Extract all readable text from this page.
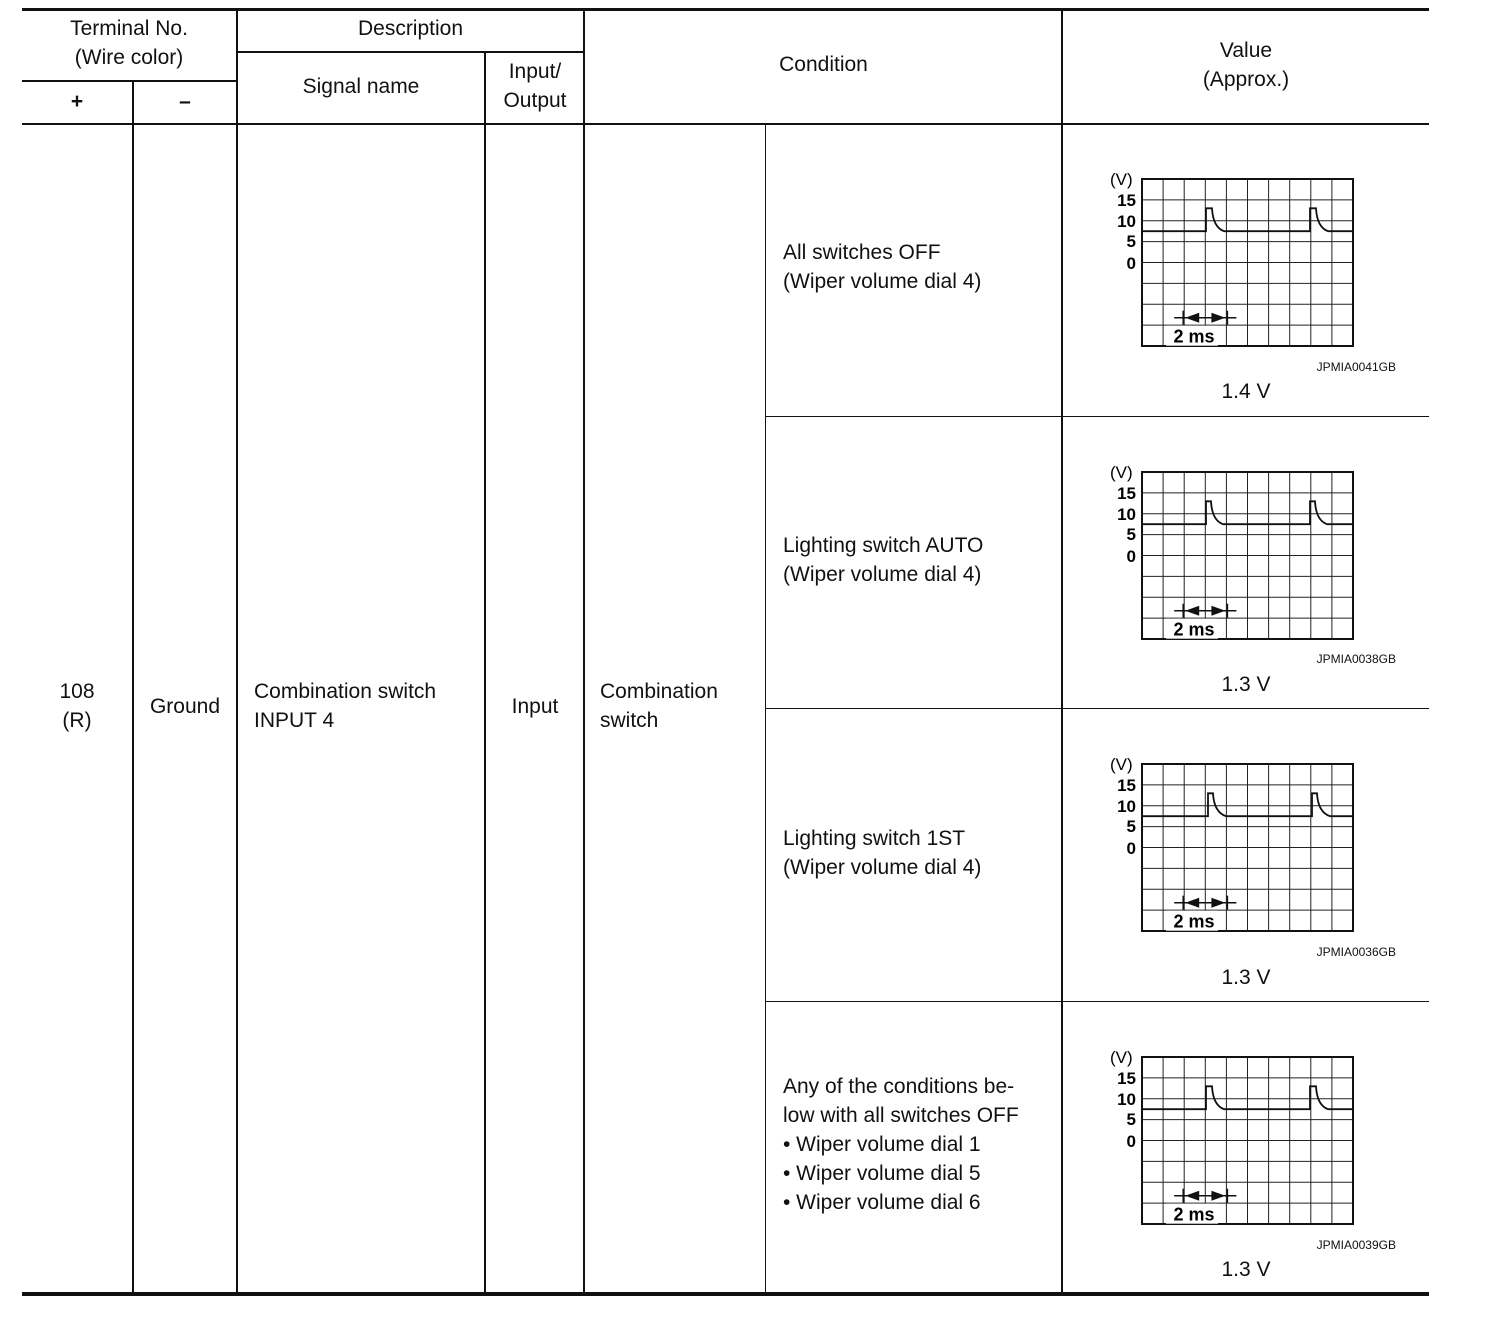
Terminal No.
(Wire color)
+	–
Description
Signal name
Input/
Output
Condition
Value
(Approx.)
108
(R)
Ground
Combination switch
INPUT 4
Input
Combination
switch
All switches OFF
(Wiper volume dial 4)
Lighting switch AUTO
(Wiper volume dial 4)
Lighting switch 1ST
(Wiper volume dial 4)
Any of the conditions be-
low with all switches OFF
• Wiper volume dial 1
• Wiper volume dial 5
• Wiper volume dial 6
(V)
15
10
5
0
2 ms
(V)
15
10
5
0
2 ms
(V)
15
10
5
0
2 ms
(V)
15
10
5
0
2 ms
JPMIA0041GB
JPMIA0038GB
JPMIA0036GB
JPMIA0039GB
1.4 V
1.3 V
1.3 V
1.3 V
